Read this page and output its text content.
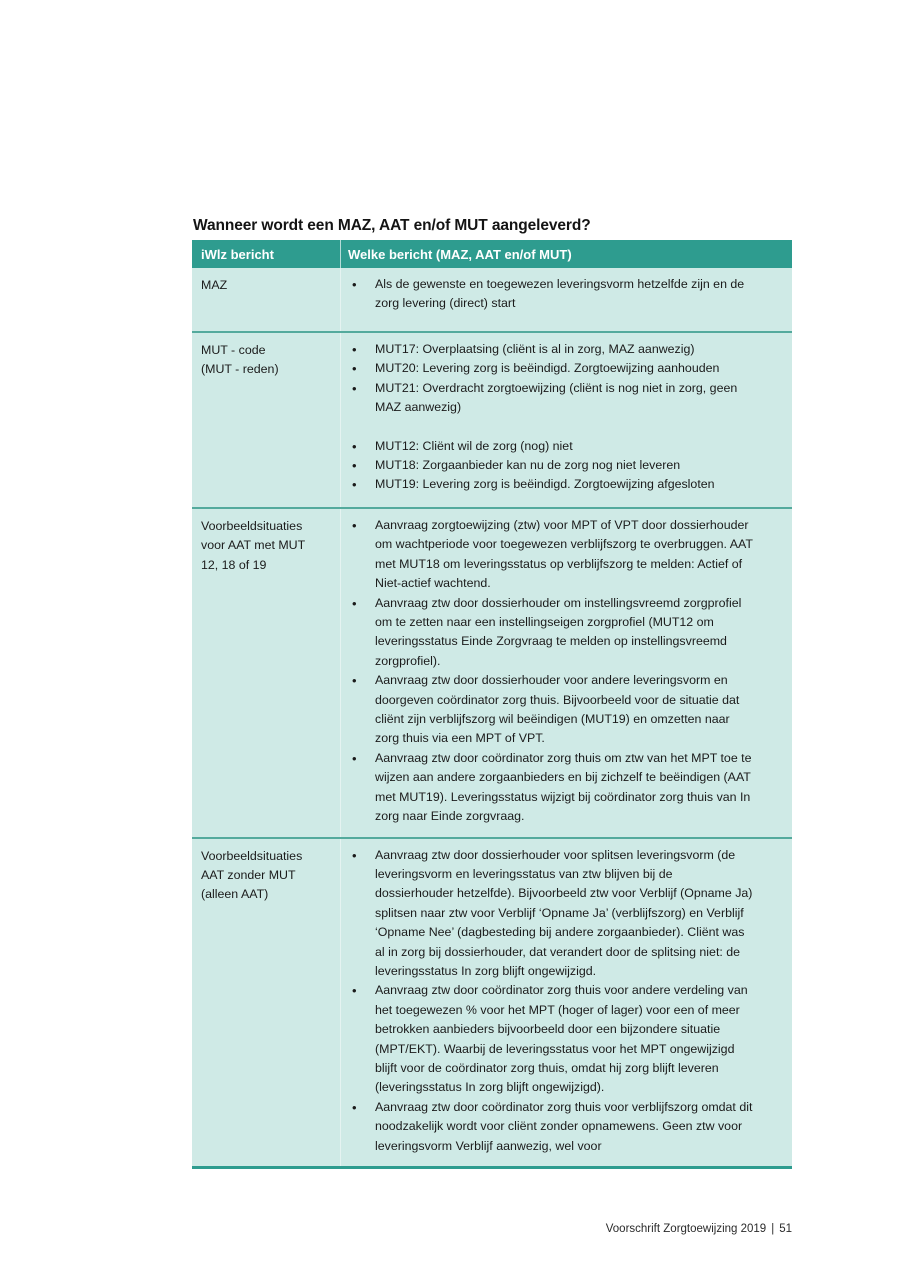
Wanneer wordt een MAZ, AAT en/of MUT aangeleverd?
iWlz bericht	Welke bericht (MAZ, AAT en/of MUT)
MAZ	• Als de gewenste en toegewezen leveringsvorm hetzelfde zijn en de zorg levering (direct) start
MUT - code
(MUT - reden)
• MUT17: Overplaatsing (cliënt is al in zorg, MAZ aanwezig)
• MUT20: Levering zorg is beëindigd. Zorgtoewijzing aanhouden
• MUT21: Overdracht zorgtoewijzing (cliënt is nog niet in zorg, geen MAZ aanwezig)
• MUT12: Cliënt wil de zorg (nog) niet
• MUT18: Zorgaanbieder kan nu de zorg nog niet leveren
• MUT19: Levering zorg is beëindigd. Zorgtoewijzing afgesloten
Voorbeeldsituaties
voor AAT met MUT
12, 18 of 19
• Aanvraag zorgtoewijzing (ztw) voor MPT of VPT door dossierhouder om wachtperiode voor toegewezen verblijfszorg te overbruggen. AAT met MUT18 om leveringsstatus op verblijfszorg te melden: Actief of Niet-actief wachtend.
• Aanvraag ztw door dossierhouder om instellingsvreemd zorgprofiel om te zetten naar een instellingseigen zorgprofiel (MUT12 om leveringsstatus Einde Zorgvraag te melden op instellingsvreemd zorgprofiel).
• Aanvraag ztw door dossierhouder voor andere leveringsvorm en doorgeven coördinator zorg thuis. Bijvoorbeeld voor de situatie dat cliënt zijn verblijfszorg wil beëindigen (MUT19) en omzetten naar zorg thuis via een MPT of VPT.
• Aanvraag ztw door coördinator zorg thuis om ztw van het MPT toe te wijzen aan andere zorgaanbieders en bij zichzelf te beëindigen (AAT met MUT19). Leveringsstatus wijzigt bij coördinator zorg thuis van In zorg naar Einde zorgvraag.
Voorbeeldsituaties
AAT zonder MUT
(alleen AAT)
• Aanvraag ztw door dossierhouder voor splitsen leveringsvorm (de leveringsvorm en leveringsstatus van ztw blijven bij de dossierhouder hetzelfde). Bijvoorbeeld ztw voor Verblijf (Opname Ja) splitsen naar ztw voor Verblijf ‘Opname Ja’ (verblijfszorg) en Verblijf ‘Opname Nee’ (dagbesteding bij andere zorgaanbieder). Cliënt was al in zorg bij dossierhouder, dat verandert door de splitsing niet: de leveringsstatus In zorg blijft ongewijzigd.
• Aanvraag ztw door coördinator zorg thuis voor andere verdeling van het toegewezen % voor het MPT (hoger of lager) voor een of meer betrokken aanbieders bijvoorbeeld door een bijzondere situatie (MPT/EKT). Waarbij de leveringsstatus voor het MPT ongewijzigd blijft voor de coördinator zorg thuis, omdat hij zorg blijft leveren (leveringsstatus In zorg blijft ongewijzigd).
• Aanvraag ztw door coördinator zorg thuis voor verblijfszorg omdat dit noodzakelijk wordt voor cliënt zonder opnamewens. Geen ztw voor leveringsvorm Verblijf aanwezig, wel voor
Voorschrift Zorgtoewijzing 2019 | 51
